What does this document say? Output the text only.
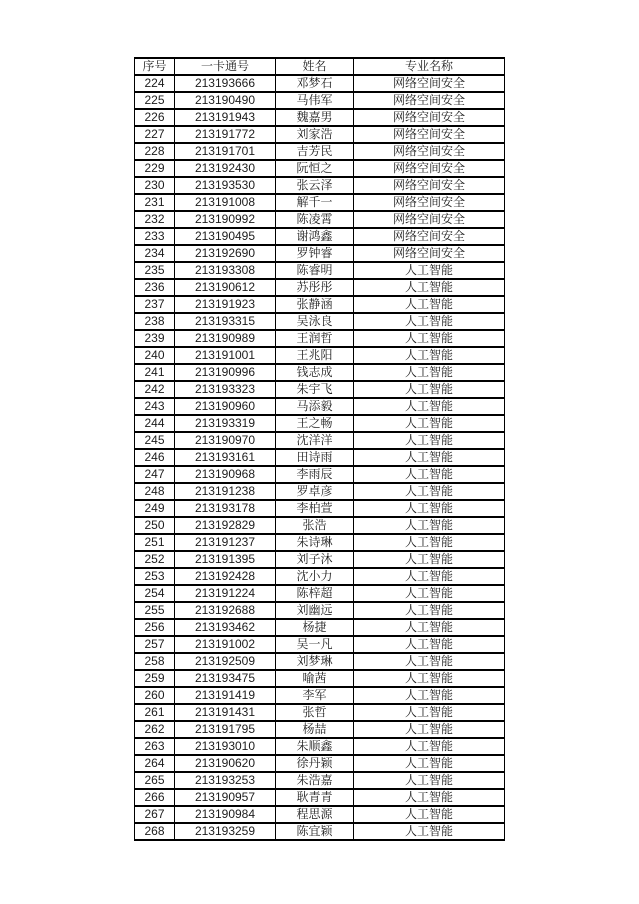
序号	一卡通号	姓名	专业名称
224	213193666	邓梦石	网络空间安全
225	213190490	马伟军	网络空间安全
226	213191943	魏嘉男	网络空间安全
227	213191772	刘家浩	网络空间安全
228	213191701	吉芳民	网络空间安全
229	213192430	阮恒之	网络空间安全
230	213193530	张云泽	网络空间安全
231	213191008	解千一	网络空间安全
232	213190992	陈凌霄	网络空间安全
233	213190495	谢鸿鑫	网络空间安全
234	213192690	罗钟睿	网络空间安全
235	213193308	陈睿明	人工智能
236	213190612	苏彤彤	人工智能
237	213191923	张静涵	人工智能
238	213193315	吴泳良	人工智能
239	213190989	王润哲	人工智能
240	213191001	王兆阳	人工智能
241	213190996	钱志成	人工智能
242	213193323	朱宇飞	人工智能
243	213190960	马添毅	人工智能
244	213193319	王之畅	人工智能
245	213190970	沈洋洋	人工智能
246	213193161	田诗雨	人工智能
247	213190968	李雨辰	人工智能
248	213191238	罗卓彦	人工智能
249	213193178	李柏萱	人工智能
250	213192829	张浩	人工智能
251	213191237	朱诗琳	人工智能
252	213191395	刘子沐	人工智能
253	213192428	沈小力	人工智能
254	213191224	陈梓超	人工智能
255	213192688	刘幽远	人工智能
256	213193462	杨捷	人工智能
257	213191002	吴一凡	人工智能
258	213192509	刘梦琳	人工智能
259	213193475	喻茜	人工智能
260	213191419	李军	人工智能
261	213191431	张哲	人工智能
262	213191795	杨喆	人工智能
263	213193010	朱顺鑫	人工智能
264	213190620	徐丹颖	人工智能
265	213193253	朱浩嘉	人工智能
266	213190957	耿青青	人工智能
267	213190984	程思源	人工智能
268	213193259	陈宜颖	人工智能
